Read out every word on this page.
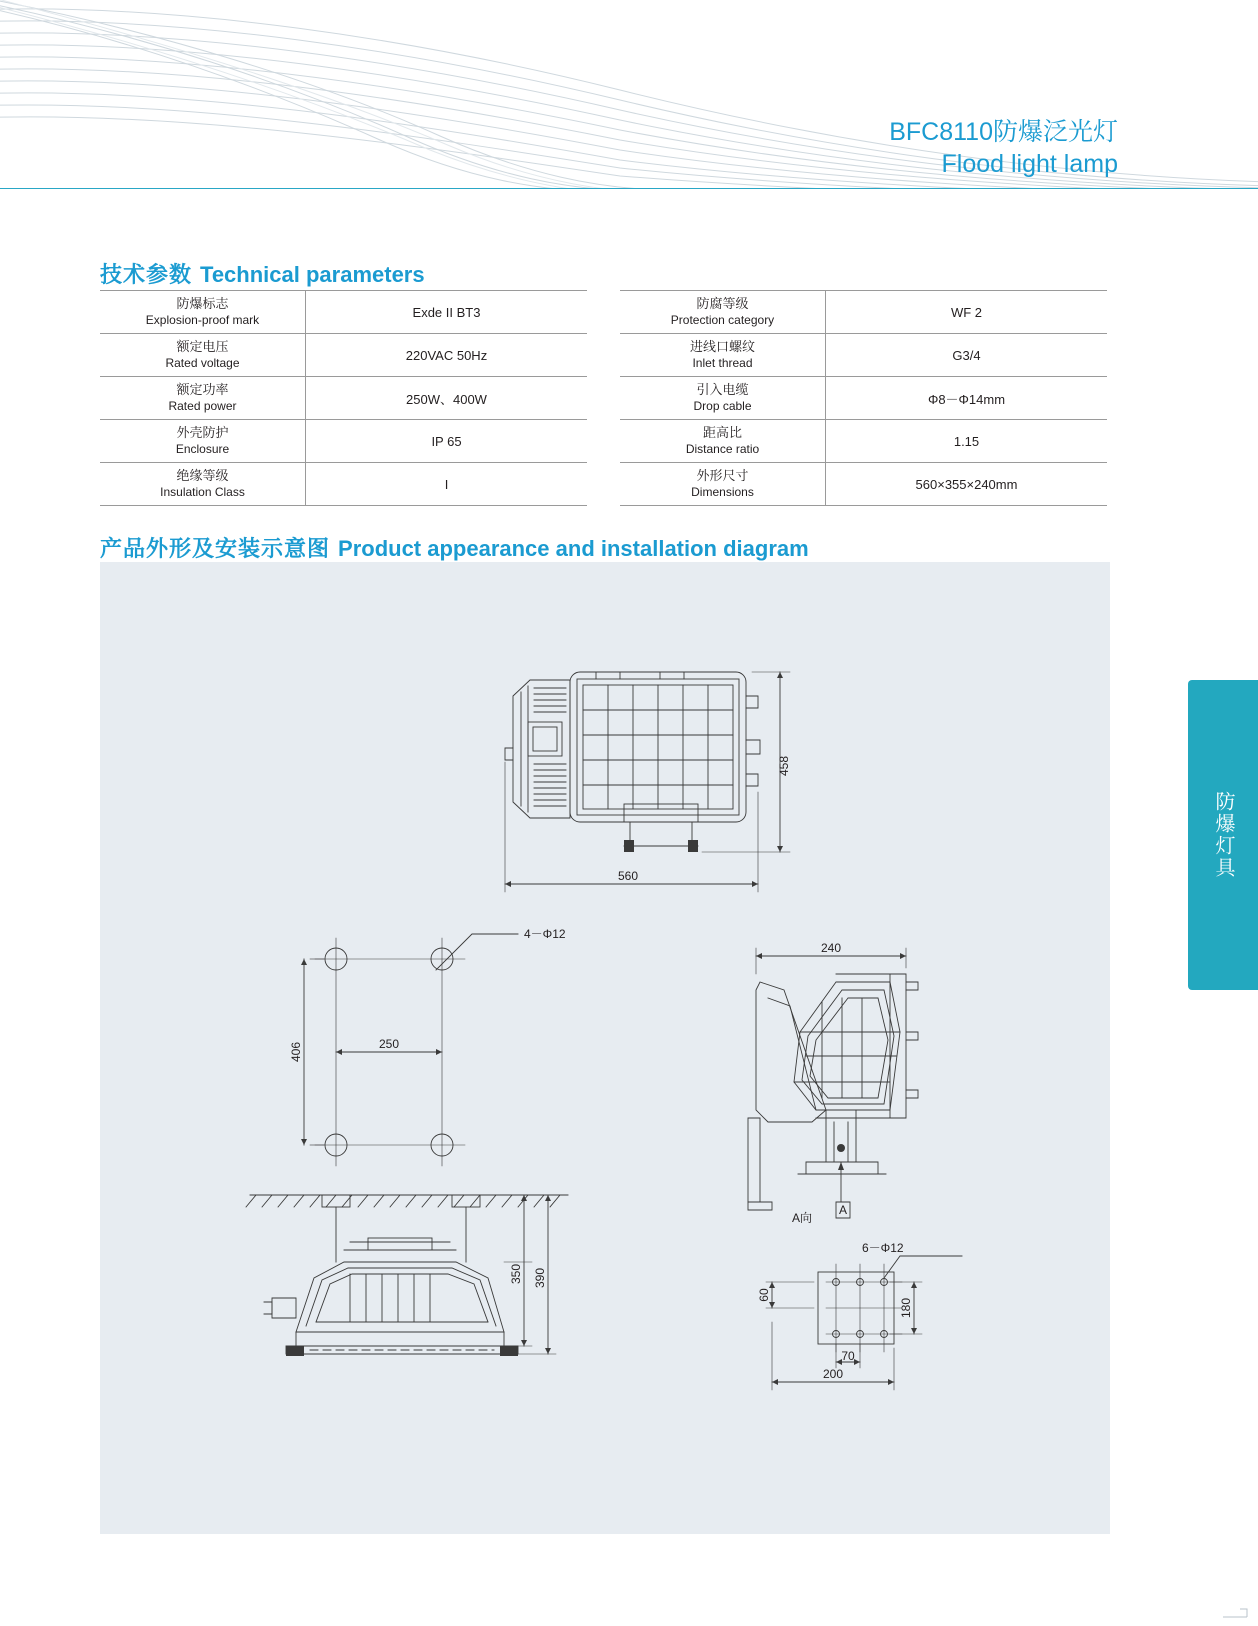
BFC8110防爆泛光灯
Flood light lamp
技术参数 Technical parameters
防爆标志
Explosion-proof mark	Exde II BT3

额定电压
Rated voltage	220VAC 50Hz

额定功率
Rated power	250W、400W

外壳防护
Enclosure	IP 65

绝缘等级
Insulation Class	I
防腐等级
Protection category	WF 2

进线口螺纹
Inlet thread	G3/4

引入电缆
Drop cable	Φ8－Φ14mm

距高比
Distance ratio	1.15

外形尺寸
Dimensions	560×355×240mm
产品外形及安装示意图 Product appearance and installation diagram
458
560
4－Φ12
406	250
350 390
240
A向
A
6－Φ12
180
60
70
200
防爆灯具
